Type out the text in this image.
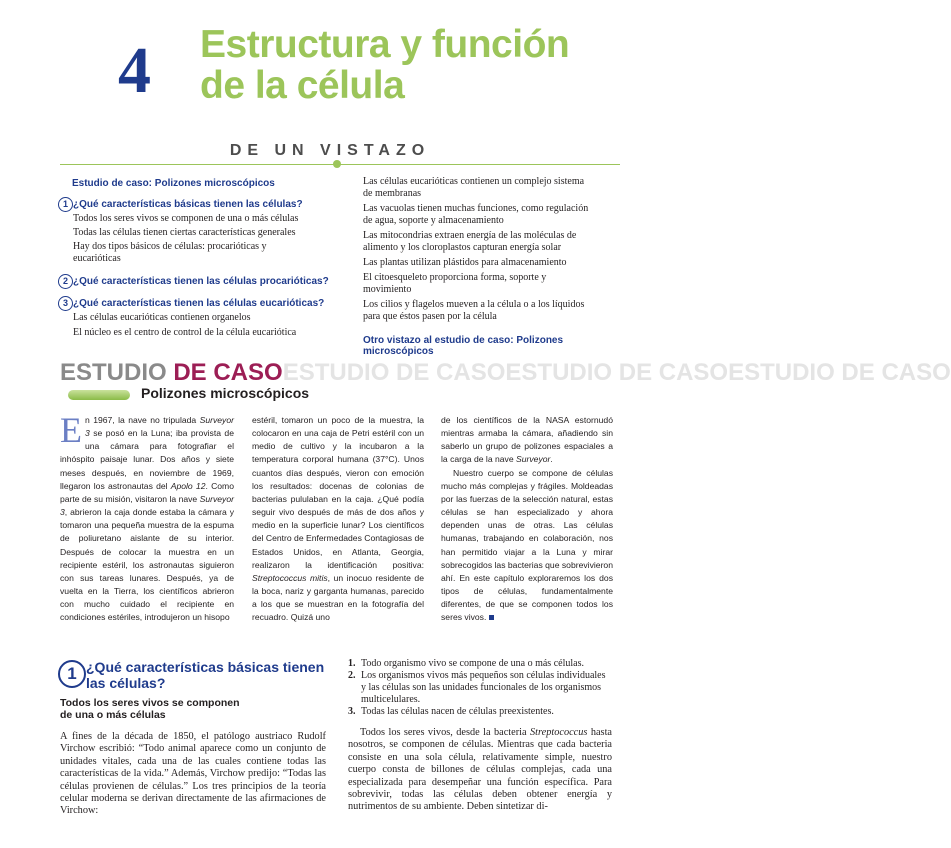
4 Estructura y función
de la célula
DE UN VISTAZO
Estudio de caso: Polizones microscópicos
1 ¿Qué características básicas tienen las células?
Todos los seres vivos se componen de una o más células
Todas las células tienen ciertas características generales
Hay dos tipos básicos de células: procarióticas y
eucarióticas
2 ¿Qué características tienen las células procarióticas?
3 ¿Qué características tienen las células eucarióticas?
Las células eucarióticas contienen organelos
El núcleo es el centro de control de la célula eucariótica
Las células eucarióticas contienen un complejo sistema
de membranas
Las vacuolas tienen muchas funciones, como regulación
de agua, soporte y almacenamiento
Las mitocondrias extraen energía de las moléculas de
alimento y los cloroplastos capturan energía solar
Las plantas utilizan plástidos para almacenamiento
El citoesqueleto proporciona forma, soporte y
movimiento
Los cilios y flagelos mueven a la célula o a los líquidos
para que éstos pasen por la célula
Otro vistazo al estudio de caso: Polizones microscópicos
ESTUDIO DE CASOESTUDIO DE CASOESTUDIO DE CASOESTUDIO DE CASO
Polizones microscópicos
E n 1967, la nave no tripulada Surveyor 3 se posó en la Luna; iba provista de una cámara para fotografiar el inhóspito paisaje lunar. Dos años y siete meses después, en noviembre de 1969, llegaron los astronautas del Apolo 12. Como parte de su misión, visitaron la nave Surveyor 3, abrieron la caja donde estaba la cámara y tomaron una pequeña muestra de la espuma de poliuretano aislante de su interior. Después de colocar la muestra en un recipiente estéril, los astronautas siguieron con sus tareas lunares. Después, ya de vuelta en la Tierra, los científicos abrieron con mucho cuidado el recipiente en condiciones estériles, introdujeron un hisopo

estéril, tomaron un poco de la muestra, la colocaron en una caja de Petri estéril con un medio de cultivo y la incubaron a la temperatura corporal humana (37°C). Unos cuantos días después, vieron con emoción los resultados: docenas de colonias de bacterias pululaban en la caja. ¿Qué podía seguir vivo después de más de dos años y medio en la superficie lunar? Los científicos del Centro de Enfermedades Contagiosas de Estados Unidos, en Atlanta, Georgia, realizaron la identificación positiva: Streptococcus mitis, un inocuo residente de la boca, nariz y garganta humanas, parecido a los que se muestran en la fotografía del recuadro. Quizá uno

de los científicos de la NASA estornudó mientras armaba la cámara, añadiendo sin saberlo un grupo de polizones espaciales a la carga de la nave Surveyor.

Nuestro cuerpo se compone de células mucho más complejas y frágiles. Moldeadas por las fuerzas de la selección natural, estas células se han especializado y ahora dependen unas de otras. Las células humanas, trabajando en colaboración, nos han permitido viajar a la Luna y mirar sobrecogidos las bacterias que sobrevivieron ahí. En este capítulo exploraremos los dos tipos de células, fundamentalmente diferentes, de que se componen todos los seres vivos.

1 ¿Qué características básicas tienen
las células?
Todos los seres vivos se componen
de una o más células

A fines de la década de 1850, el patólogo austriaco Rudolf Virchow escribió: “Todo animal aparece como un conjunto de unidades vitales, cada una de las cuales contiene todas las características de la vida.” Además, Virchow predijo: “Todas las células provienen de células.” Los tres principios de la teoría celular moderna se derivan directamente de las afirmaciones de Virchow:

1. Todo organismo vivo se compone de una o más células.
2. Los organismos vivos más pequeños son células individuales y las células son las unidades funcionales de los organismos multicelulares.
3. Todas las células nacen de células preexistentes.

Todos los seres vivos, desde la bacteria Streptococcus hasta nosotros, se componen de células. Mientras que cada bacteria consiste en una sola célula, relativamente simple, nuestro cuerpo consta de billones de células complejas, cada una especializada para desempeñar una función específica. Para sobrevivir, todas las células deben obtener energía y nutrimentos de su ambiente. Deben sintetizar di-
